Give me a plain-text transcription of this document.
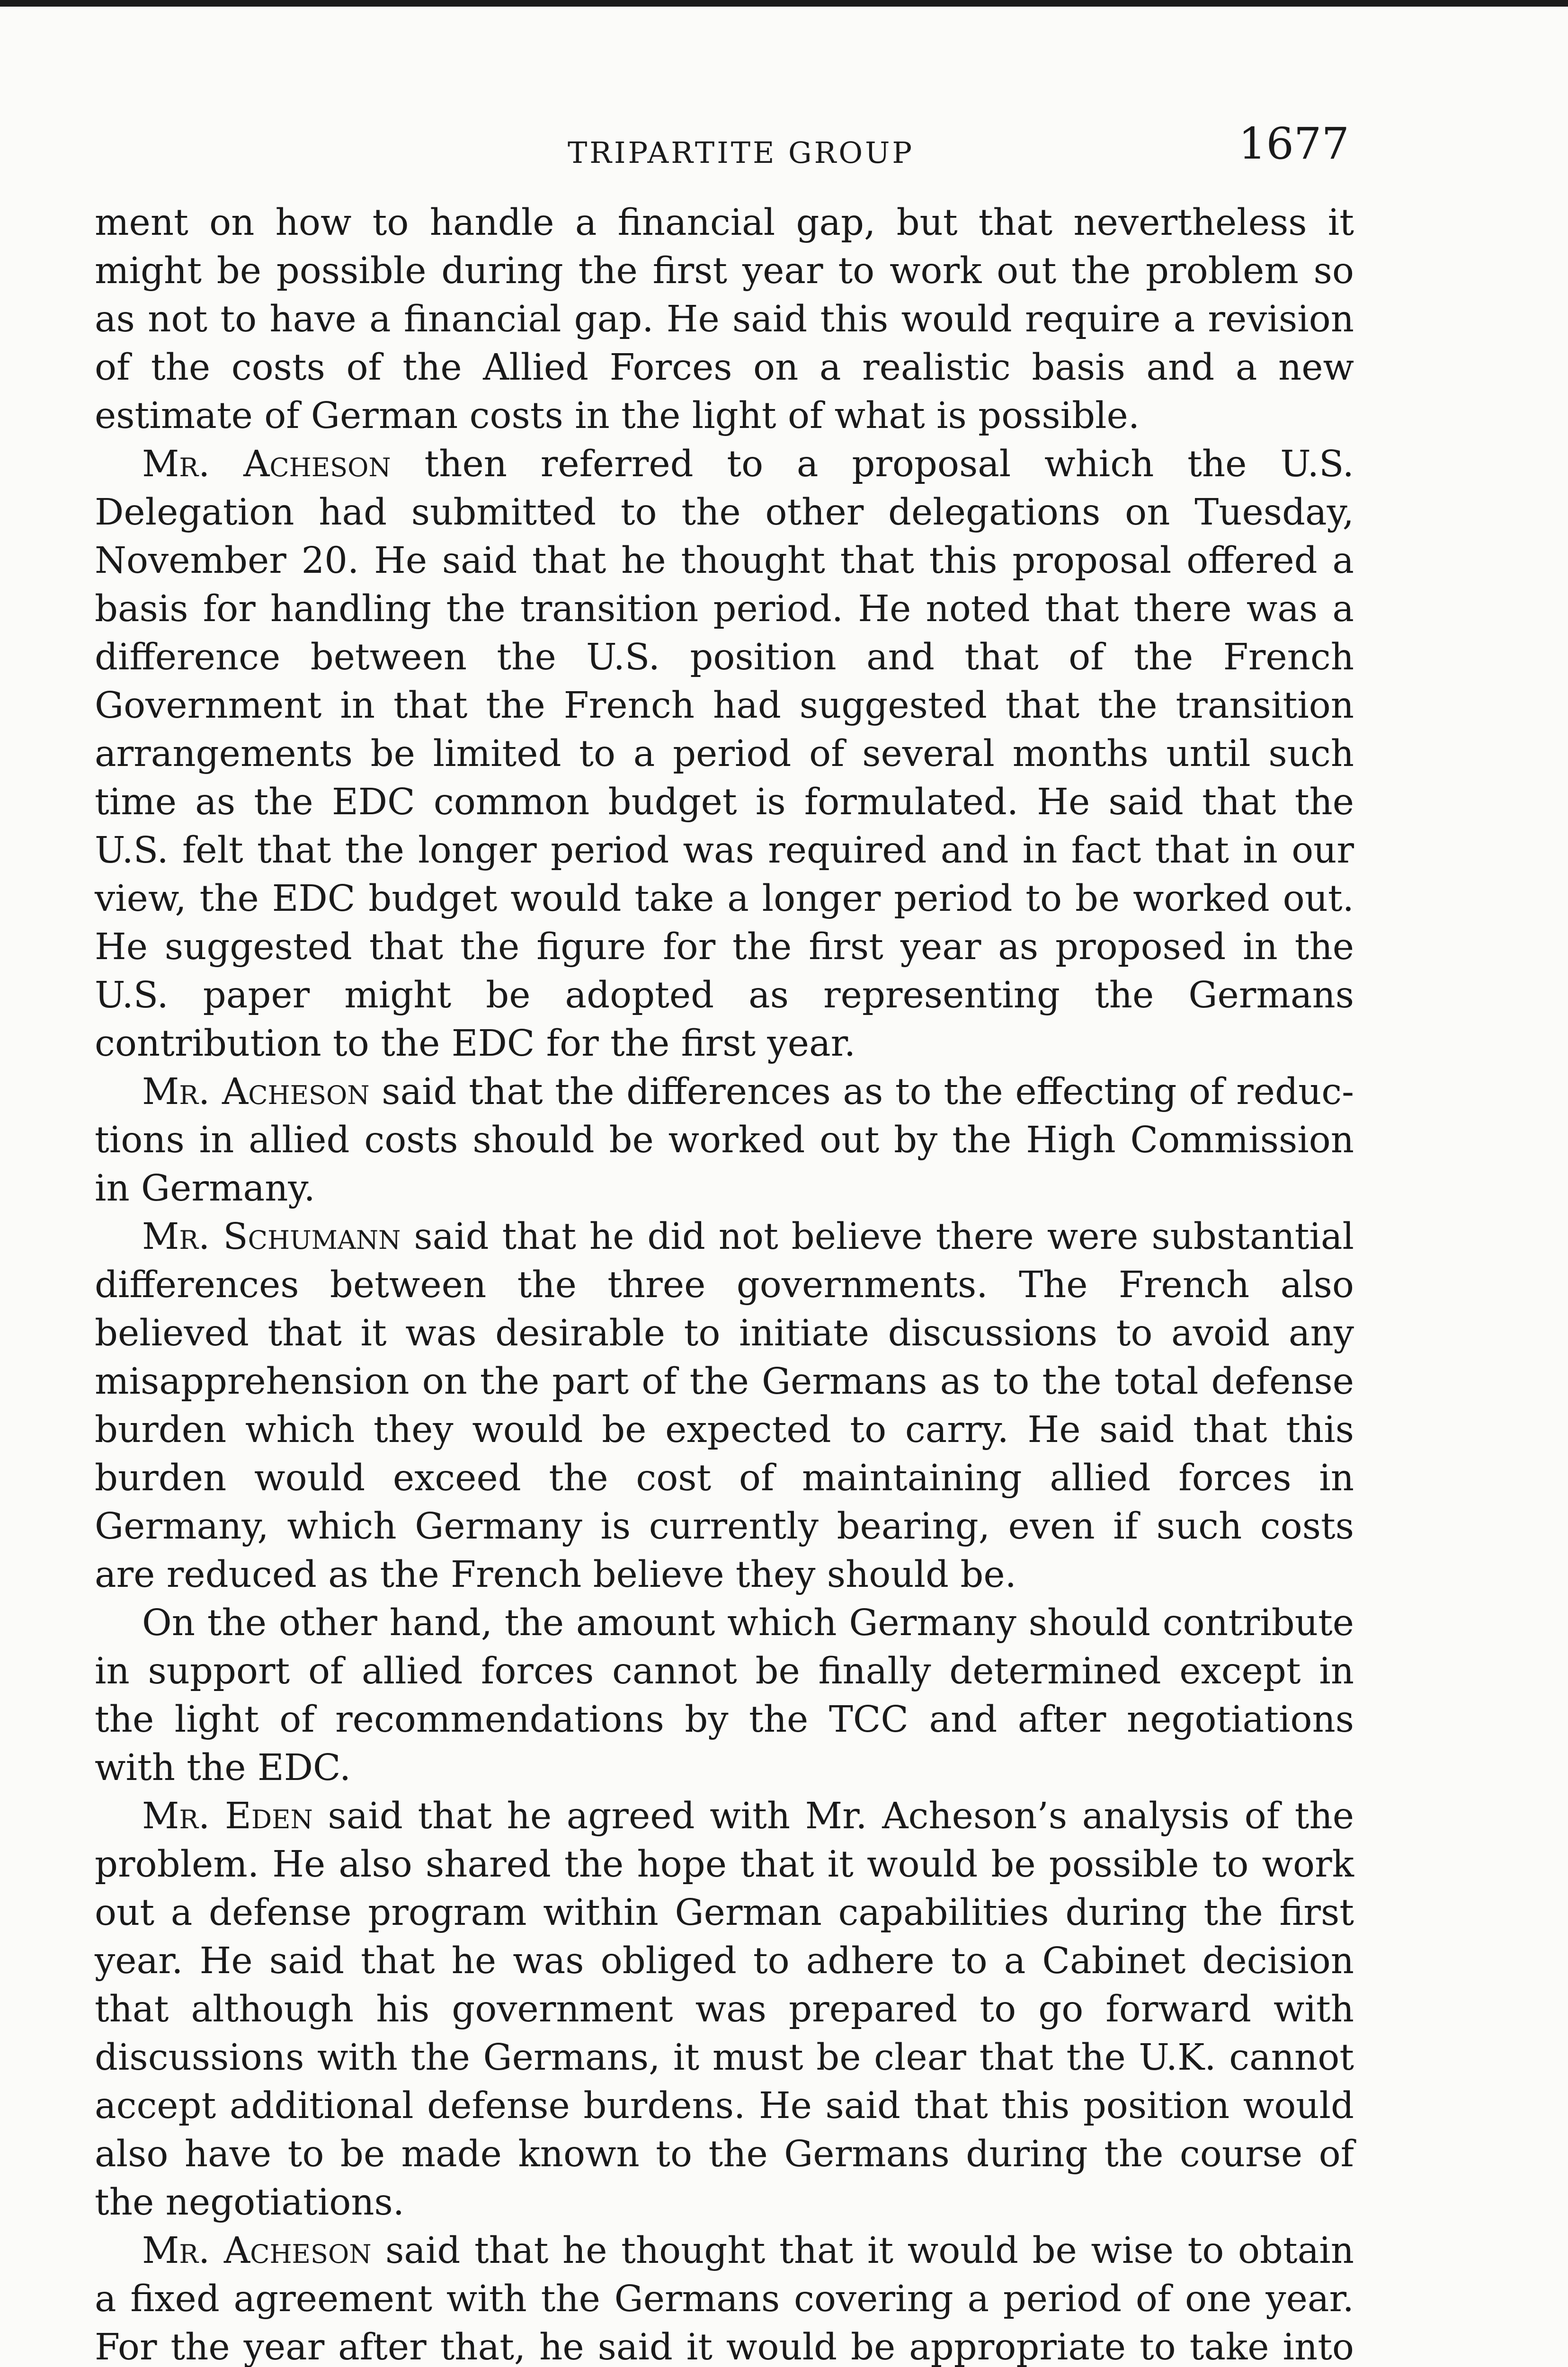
TRIPARTITE GROUP	1677

ment on how to handle a financial gap, but that nevertheless it might be possible during the first year to work out the problem so as not to have a financial gap. He said this would require a revision of the costs of the Allied Forces on a realistic basis and a new estimate of German costs in the light of what is possible.

Mr. Acheson then referred to a proposal which the U.S. Delegation had submitted to the other delegations on Tuesday, November 20. He said that he thought that this proposal offered a basis for handling the transition period. He noted that there was a difference between the U.S. position and that of the French Government in that the French had suggested that the transition arrangements be limited to a period of several months until such time as the EDC common budget is formulated. He said that the U.S. felt that the longer period was required and in fact that in our view, the EDC budget would take a longer period to be worked out. He suggested that the figure for the first year as proposed in the U.S. paper might be adopted as representing the Germans contribution to the EDC for the first year.

Mr. Acheson said that the differences as to the effecting of reductions in allied costs should be worked out by the High Commission in Germany.

Mr. Schumann said that he did not believe there were substantial differences between the three governments. The French also believed that it was desirable to initiate discussions to avoid any misapprehension on the part of the Germans as to the total defense burden which they would be expected to carry. He said that this burden would exceed the cost of maintaining allied forces in Germany, which Germany is currently bearing, even if such costs are reduced as the French believe they should be.

On the other hand, the amount which Germany should contribute in support of allied forces cannot be finally determined except in the light of recommendations by the TCC and after negotiations with the EDC.

Mr. Eden said that he agreed with Mr. Acheson’s analysis of the problem. He also shared the hope that it would be possible to work out a defense program within German capabilities during the first year. He said that he was obliged to adhere to a Cabinet decision that although his government was prepared to go forward with discussions with the Germans, it must be clear that the U.K. cannot accept additional defense burdens. He said that this position would also have to be made known to the Germans during the course of the negotiations.

Mr. Acheson said that he thought that it would be wise to obtain a fixed agreement with the Germans covering a period of one year. For the year after that, he said it would be appropriate to take into
